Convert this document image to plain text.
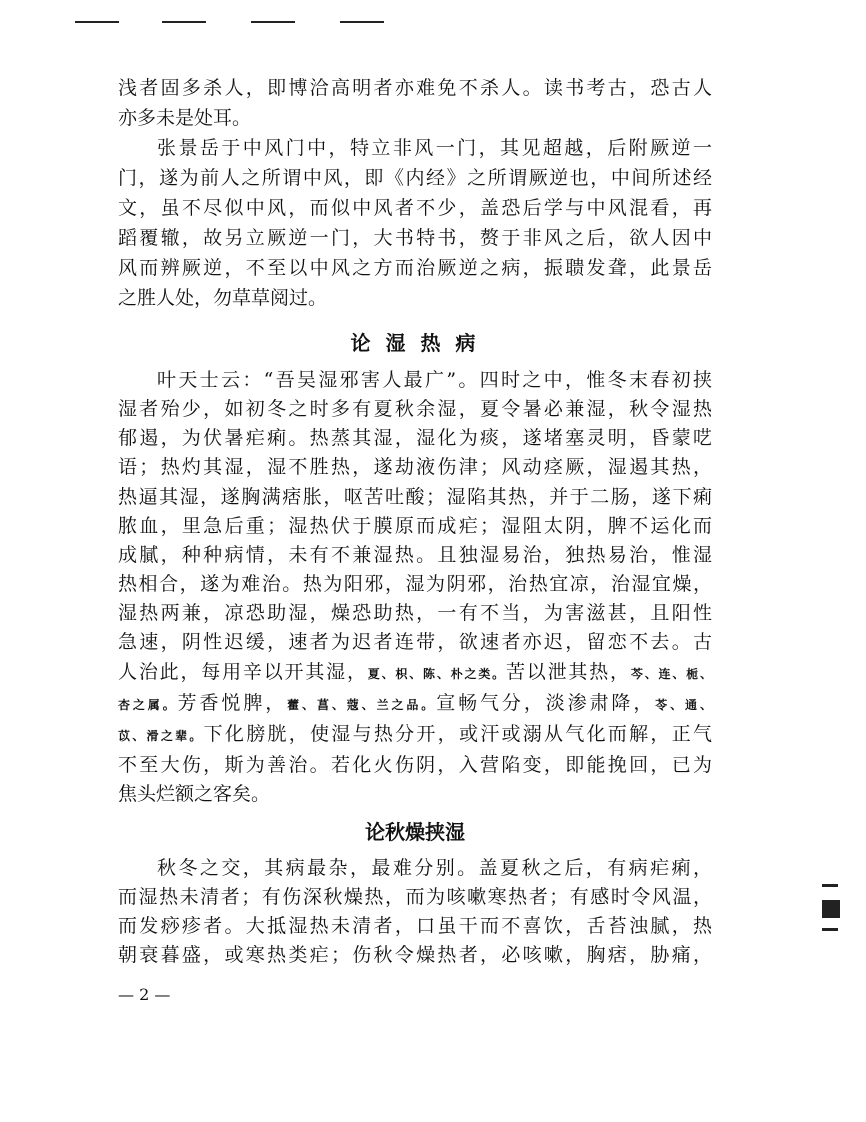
浅者固多杀人，即博洽高明者亦难免不杀人。读书考古，恐古人
亦多未是处耳。
张景岳于中风门中，特立非风一门，其见超越，后附厥逆一
门，遂为前人之所谓中风，即《内经》之所谓厥逆也，中间所述经
文，虽不尽似中风，而似中风者不少，盖恐后学与中风混看，再
蹈覆辙，故另立厥逆一门，大书特书，赘于非风之后，欲人因中
风而辨厥逆，不至以中风之方而治厥逆之病，振聩发聋，此景岳
之胜人处，勿草草阅过。
论 湿 热 病
叶天士云：“吾吴湿邪害人最广”。四时之中，惟冬末春初挟
湿者殆少，如初冬之时多有夏秋余湿，夏令暑必兼湿，秋令湿热
郁遏，为伏暑疟痢。热蒸其湿，湿化为痰，遂堵塞灵明，昏蒙呓
语；热灼其湿，湿不胜热，遂劫液伤津；风动痉厥，湿遏其热，
热逼其湿，遂胸满痞胀，呕苦吐酸；湿陷其热，并于二肠，遂下痢
脓血，里急后重；湿热伏于膜原而成疟；湿阻太阴，脾不运化而
成膩，种种病情，未有不兼湿热。且独湿易治，独热易治，惟湿
热相合，遂为难治。热为阳邪，湿为阴邪，治热宜凉，治湿宜燥，
湿热两兼，凉恐助湿，燥恐助热，一有不当，为害滋甚，且阳性
急速，阴性迟缓，速者为迟者连带，欲速者亦迟，留恋不去。古
人治此，每用辛以开其湿，夏、枳、陈、朴之类。苦以泄其热，芩、连、栀、
杏之属。芳香悦脾，藿、菖、蔻、兰之品。宣畅气分，淡渗肃降，苓、通、
苡、滑之辈。下化膀胱，使湿与热分开，或汗或溺从气化而解，正气
不至大伤，斯为善治。若化火伤阴，入营陷变，即能挽回，已为
焦头烂额之客矣。
论秋燥挟湿
秋冬之交，其病最杂，最难分别。盖夏秋之后，有病疟痢，
而湿热未清者；有伤深秋燥热，而为咳嗽寒热者；有感时令风温，
而发痧疹者。大抵湿热未清者，口虽干而不喜饮，舌苔浊腻，热
朝衰暮盛，或寒热类疟；伤秋令燥热者，必咳嗽，胸痞，胁痛，
— 2 —
